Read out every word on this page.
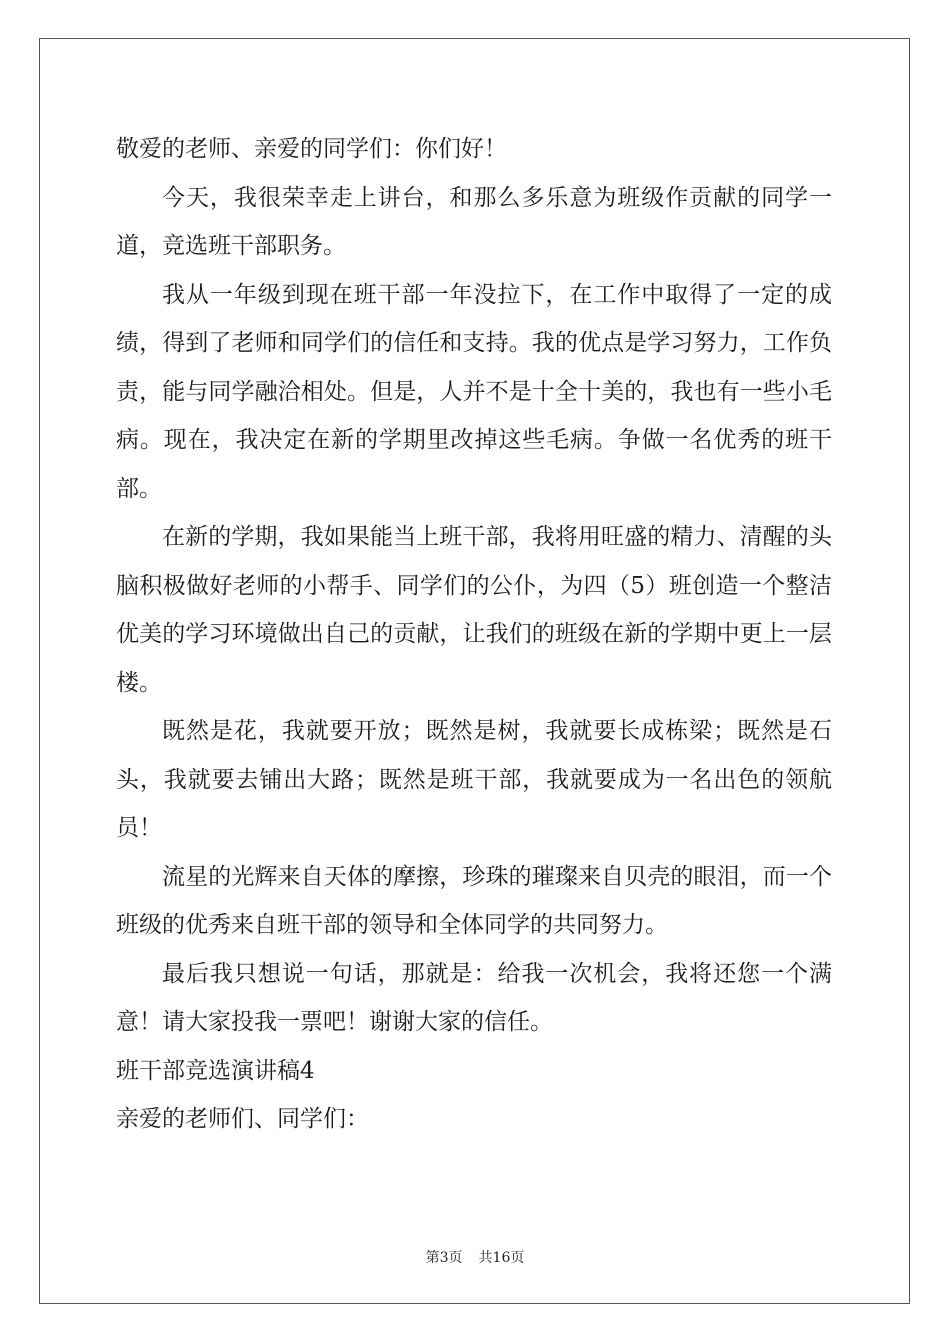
敬爱的老师、亲爱的同学们：你们好！

今天，我很荣幸走上讲台，和那么多乐意为班级作贡献的同学一道，竞选班干部职务。

我从一年级到现在班干部一年没拉下，在工作中取得了一定的成绩，得到了老师和同学们的信任和支持。我的优点是学习努力，工作负责，能与同学融洽相处。但是，人并不是十全十美的，我也有一些小毛病。现在，我决定在新的学期里改掉这些毛病。争做一名优秀的班干部。

在新的学期，我如果能当上班干部，我将用旺盛的精力、清醒的头脑积极做好老师的小帮手、同学们的公仆，为四（5）班创造一个整洁优美的学习环境做出自己的贡献，让我们的班级在新的学期中更上一层楼。

既然是花，我就要开放；既然是树，我就要长成栋梁；既然是石头，我就要去铺出大路；既然是班干部，我就要成为一名出色的领航员！

流星的光辉来自天体的摩擦，珍珠的璀璨来自贝壳的眼泪，而一个班级的优秀来自班干部的领导和全体同学的共同努力。

最后我只想说一句话，那就是：给我一次机会，我将还您一个满意！请大家投我一票吧！谢谢大家的信任。

班干部竞选演讲稿4

亲爱的老师们、同学们：

第3页 共16页
